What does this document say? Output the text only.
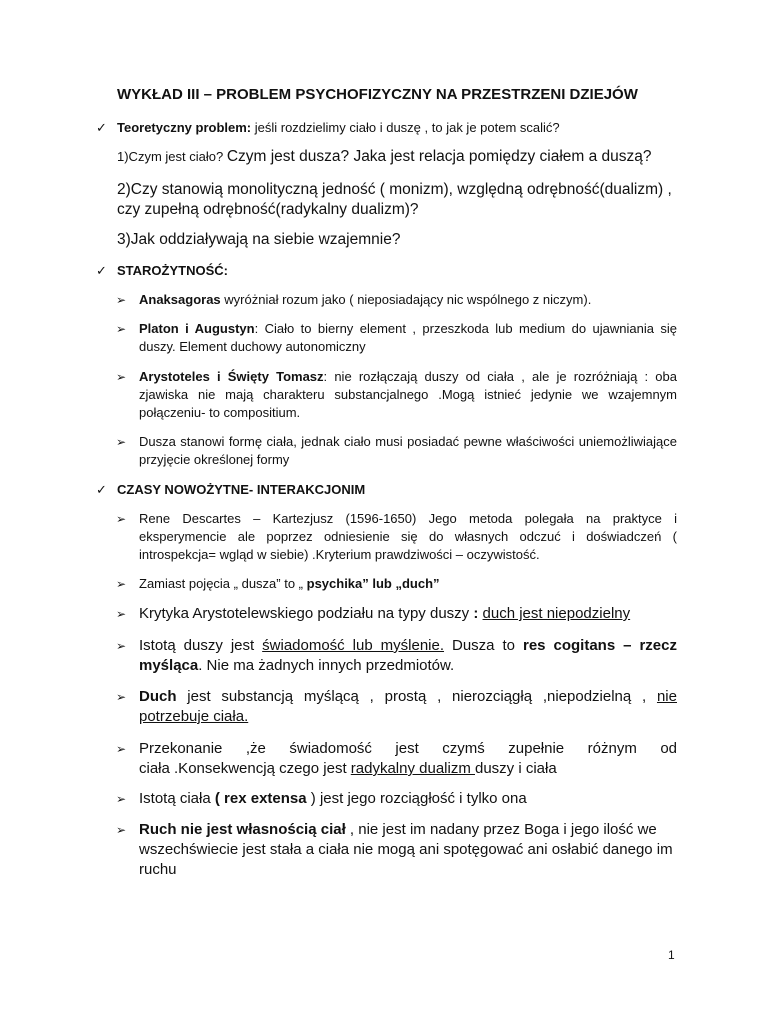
WYKŁAD III – PROBLEM PSYCHOFIZYCZNY NA PRZESTRZENI DZIEJÓW
✓ Teoretyczny problem: jeśli rozdzielimy ciało i duszę , to jak je potem scalić?
1)Czym jest ciało? Czym jest dusza? Jaka jest relacja pomiędzy ciałem a duszą?
2)Czy stanowią monolityczną jedność ( monizm), względną odrębność(dualizm) , czy zupełną odrębność(radykalny dualizm)?
3)Jak oddziaływają na siebie wzajemnie?
✓ STAROŻYTNOŚĆ:
➢ Anaksagoras wyróżniał rozum jako ( nieposiadający nic wspólnego z niczym).
➢ Platon i Augustyn: Ciało to bierny element , przeszkoda lub medium do ujawniania się duszy. Element duchowy autonomiczny
➢ Arystoteles i Święty Tomasz: nie rozłączają duszy od ciała , ale je rozróżniają : oba zjawiska nie mają charakteru substancjalnego .Mogą istnieć jedynie we wzajemnym połączeniu- to compositium.
➢ Dusza stanowi formę ciała, jednak ciało musi posiadać pewne właściwości uniemożliwiające przyjęcie określonej formy
✓ CZASY NOWOŻYTNE- INTERAKCJONIM
➢ Rene Descartes – Kartezjusz (1596-1650) Jego metoda polegała na praktyce i eksperymencie ale poprzez odniesienie się do własnych odczuć i doświadczeń ( introspekcja= wgląd w siebie) .Kryterium prawdziwości – oczywistość.
➢ Zamiast pojęcia „ dusza” to „ psychika” lub „duch”
➢ Krytyka Arystotelewskiego podziału na typy duszy : duch jest niepodzielny
➢ Istotą duszy jest świadomość lub myślenie. Dusza to res cogitans – rzecz myśląca. Nie ma żadnych innych przedmiotów.
➢ Duch jest substancją myślącą , prostą , nierozciągłą ,niepodzielną , nie potrzebuje ciała.
➢ Przekonanie ,że świadomość jest czymś zupełnie różnym od
ciała .Konsekwencją czego jest radykalny dualizm duszy i ciała
➢ Istotą ciała ( rex extensa ) jest jego rozciągłość i tylko ona
➢ Ruch nie jest własnością ciał , nie jest im nadany przez Boga i jego ilość we wszechświecie jest stała a ciała nie mogą ani spotęgować ani osłabić danego im ruchu
1
